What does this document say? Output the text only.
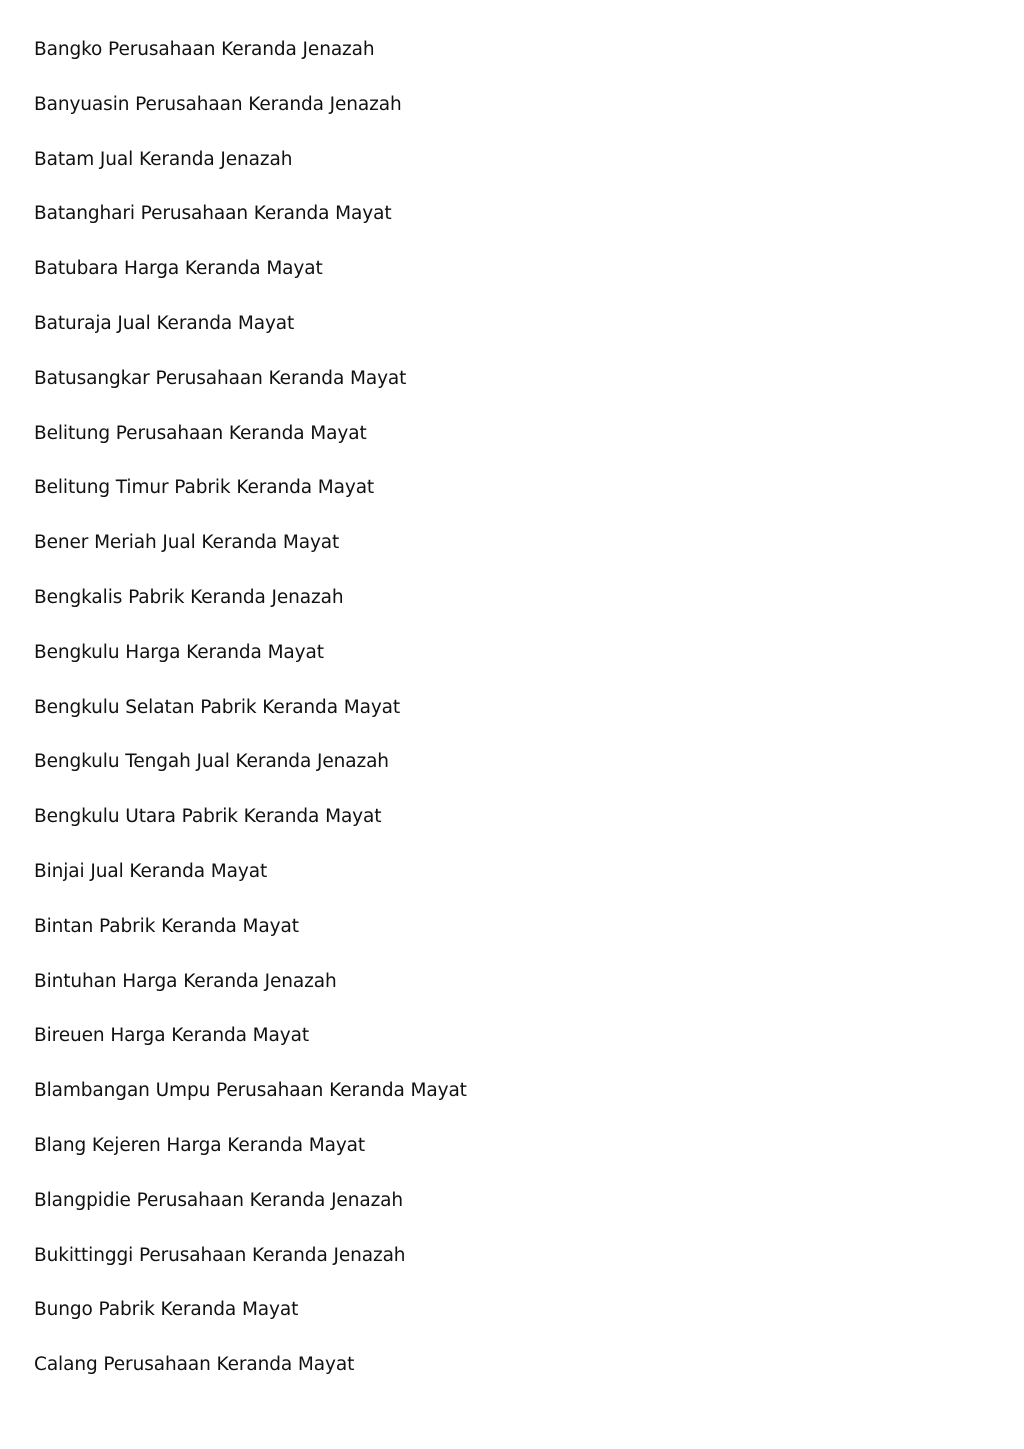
Bangko Perusahaan Keranda Jenazah
Banyuasin Perusahaan Keranda Jenazah
Batam Jual Keranda Jenazah
Batanghari Perusahaan Keranda Mayat
Batubara Harga Keranda Mayat
Baturaja Jual Keranda Mayat
Batusangkar Perusahaan Keranda Mayat
Belitung Perusahaan Keranda Mayat
Belitung Timur Pabrik Keranda Mayat
Bener Meriah Jual Keranda Mayat
Bengkalis Pabrik Keranda Jenazah
Bengkulu Harga Keranda Mayat
Bengkulu Selatan Pabrik Keranda Mayat
Bengkulu Tengah Jual Keranda Jenazah
Bengkulu Utara Pabrik Keranda Mayat
Binjai Jual Keranda Mayat
Bintan Pabrik Keranda Mayat
Bintuhan Harga Keranda Jenazah
Bireuen Harga Keranda Mayat
Blambangan Umpu Perusahaan Keranda Mayat
Blang Kejeren Harga Keranda Mayat
Blangpidie Perusahaan Keranda Jenazah
Bukittinggi Perusahaan Keranda Jenazah
Bungo Pabrik Keranda Mayat
Calang Perusahaan Keranda Mayat
